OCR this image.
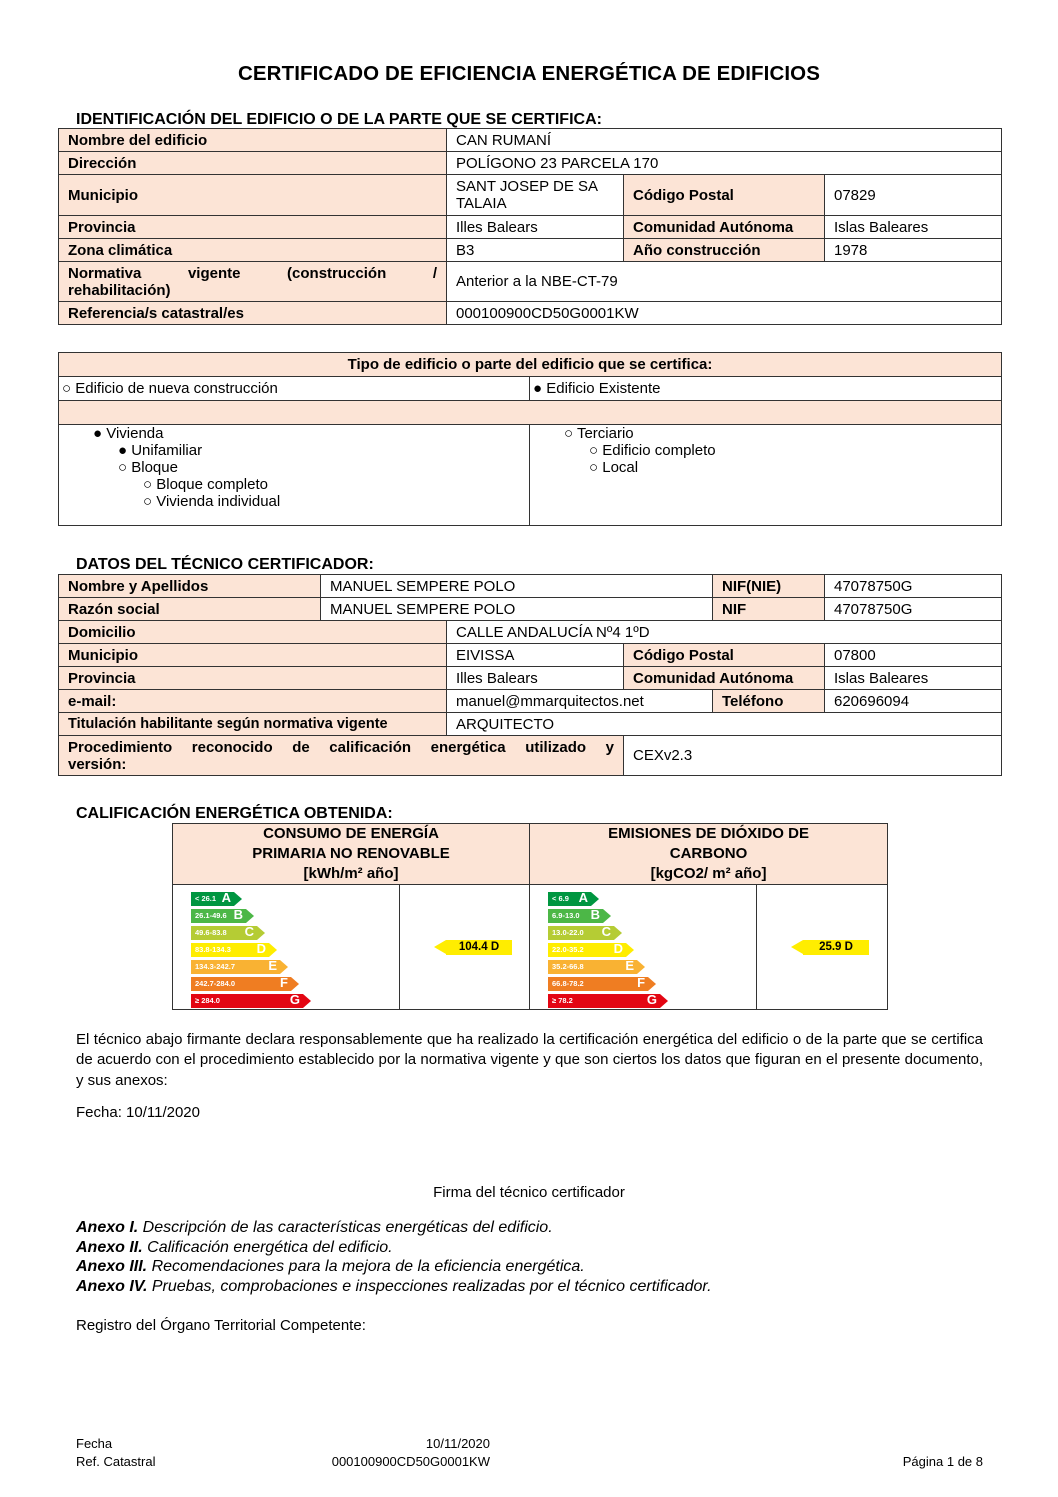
CERTIFICADO DE EFICIENCIA ENERGÉTICA DE EDIFICIOS
IDENTIFICACIÓN DEL EDIFICIO O DE LA PARTE QUE SE CERTIFICA:
Nombre del edificio	CAN RUMANÍ		
Dirección	POLÍGONO 23 PARCELA 170		
Municipio	SANT JOSEP DE SA TALAIA	Código Postal	07829
Provincia	Illes Balears	Comunidad Autónoma	Islas Baleares
Zona climática	B3	Año construcción	1978
Normativa vigente (construcción / rehabilitación)	Anterior a la NBE-CT-79		
Referencia/s catastral/es	000100900CD50G0001KW		
Tipo de edificio o parte del edificio que se certifica:	
○ Edificio de nueva construcción	● Edificio Existente

● Vivienda
● Unifamiliar
○ Bloque
○ Bloque completo
○ Vivienda individual

○ Terciario
○ Edificio completo
○ Local
DATOS DEL TÉCNICO CERTIFICADOR:
Nombre y Apellidos	MANUEL SEMPERE POLO			NIF(NIE)	47078750G
Razón social	MANUEL SEMPERE POLO			NIF	47078750G
Domicilio		CALLE ANDALUCÍA Nº4 1ºD			
Municipio		EIVISSA	Código Postal		07800
Provincia		Illes Balears	Comunidad Autónoma		Islas Baleares
e-mail:		manuel@mmarquitectos.net		Teléfono	620696094
Titulación habilitante según normativa vigente		ARQUITECTO			
Procedimiento reconocido de calificación energética utilizado y versión:			CEXv2.3		
CALIFICACIÓN ENERGÉTICA OBTENIDA:
CONSUMO DE ENERGÍA
PRIMARIA NO RENOVABLE
[kWh/m² año]

EMISIONES DE DIÓXIDO DE
CARBONO
[kgCO2/ m² año]

< 26.1 A
26.1-49.6 B
49.6-83.8 C
83.8-134.3 D
134.3-242.7	E
242.7-284.0	F
≥ 284.0	G

104.4 D

< 6.9 A
6.9-13.0 B
13.0-22.0 C
22.0-35.2 D
35.2-66.8	E
66.8-78.2	F
≥ 78.2	G

25.9 D
El técnico abajo firmante declara responsablemente que ha realizado la certificación energética del edificio o de la parte que se certifica de acuerdo con el procedimiento establecido por la normativa vigente y que son ciertos los datos que figuran en el presente documento, y sus anexos:
Fecha: 10/11/2020
Firma del técnico certificador
Anexo I. Descripción de las características energéticas del edificio.
Anexo II. Calificación energética del edificio.
Anexo III. Recomendaciones para la mejora de la eficiencia energética.
Anexo IV. Pruebas, comprobaciones e inspecciones realizadas por el técnico certificador.
Registro del Órgano Territorial Competente:
Fecha	10/11/2020
Ref. Catastral	000100900CD50G0001KW	Página 1 de 8
